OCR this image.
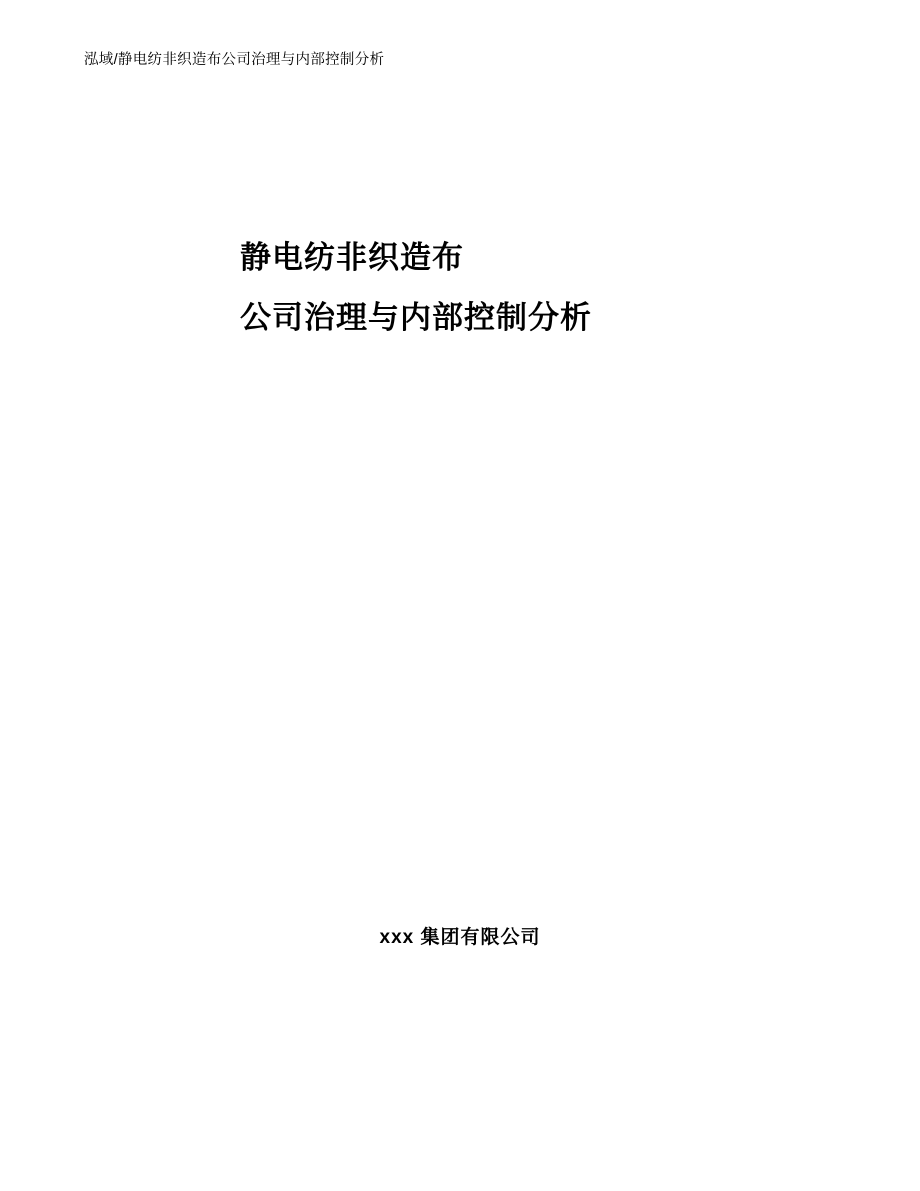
泓域/静电纺非织造布公司治理与内部控制分析
静电纺非织造布
公司治理与内部控制分析
xxx 集团有限公司
